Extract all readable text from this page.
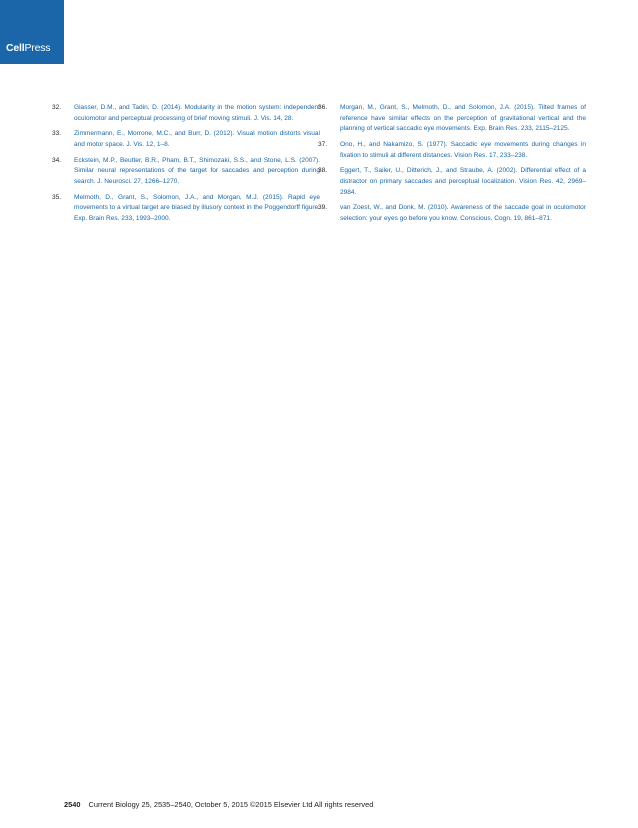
CellPress
32. Glasser, D.M., and Tadin, D. (2014). Modularity in the motion system: independent oculomotor and perceptual processing of brief moving stimuli. J. Vis. 14, 28.
33. Zimmermann, E., Morrone, M.C., and Burr, D. (2012). Visual motion distorts visual and motor space. J. Vis. 12, 1–8.
34. Eckstein, M.P., Beutter, B.R., Pham, B.T., Shimozaki, S.S., and Stone, L.S. (2007). Similar neural representations of the target for saccades and perception during search. J. Neurosci. 27, 1266–1270.
35. Melmoth, D., Grant, S., Solomon, J.A., and Morgan, M.J. (2015). Rapid eye movements to a virtual target are biased by illusory context in the Poggendorff figure. Exp. Brain Res. 233, 1993–2000.
36. Morgan, M., Grant, S., Melmoth, D., and Solomon, J.A. (2015). Tilted frames of reference have similar effects on the perception of gravitational vertical and the planning of vertical saccadic eye movements. Exp. Brain Res. 233, 2115–2125.
37. Ono, H., and Nakamizo, S. (1977). Saccadic eye movements during changes in fixation to stimuli at different distances. Vision Res. 17, 233–238.
38. Eggert, T., Sailer, U., Ditterich, J., and Straube, A. (2002). Differential effect of a distractor on primary saccades and perceptual localization. Vision Res. 42, 2969–2984.
39. van Zoest, W., and Donk, M. (2010). Awareness of the saccade goal in oculomotor selection: your eyes go before you know. Conscious. Cogn. 19, 861–871.
2540 Current Biology 25, 2535–2540, October 5, 2015 ©2015 Elsevier Ltd All rights reserved
